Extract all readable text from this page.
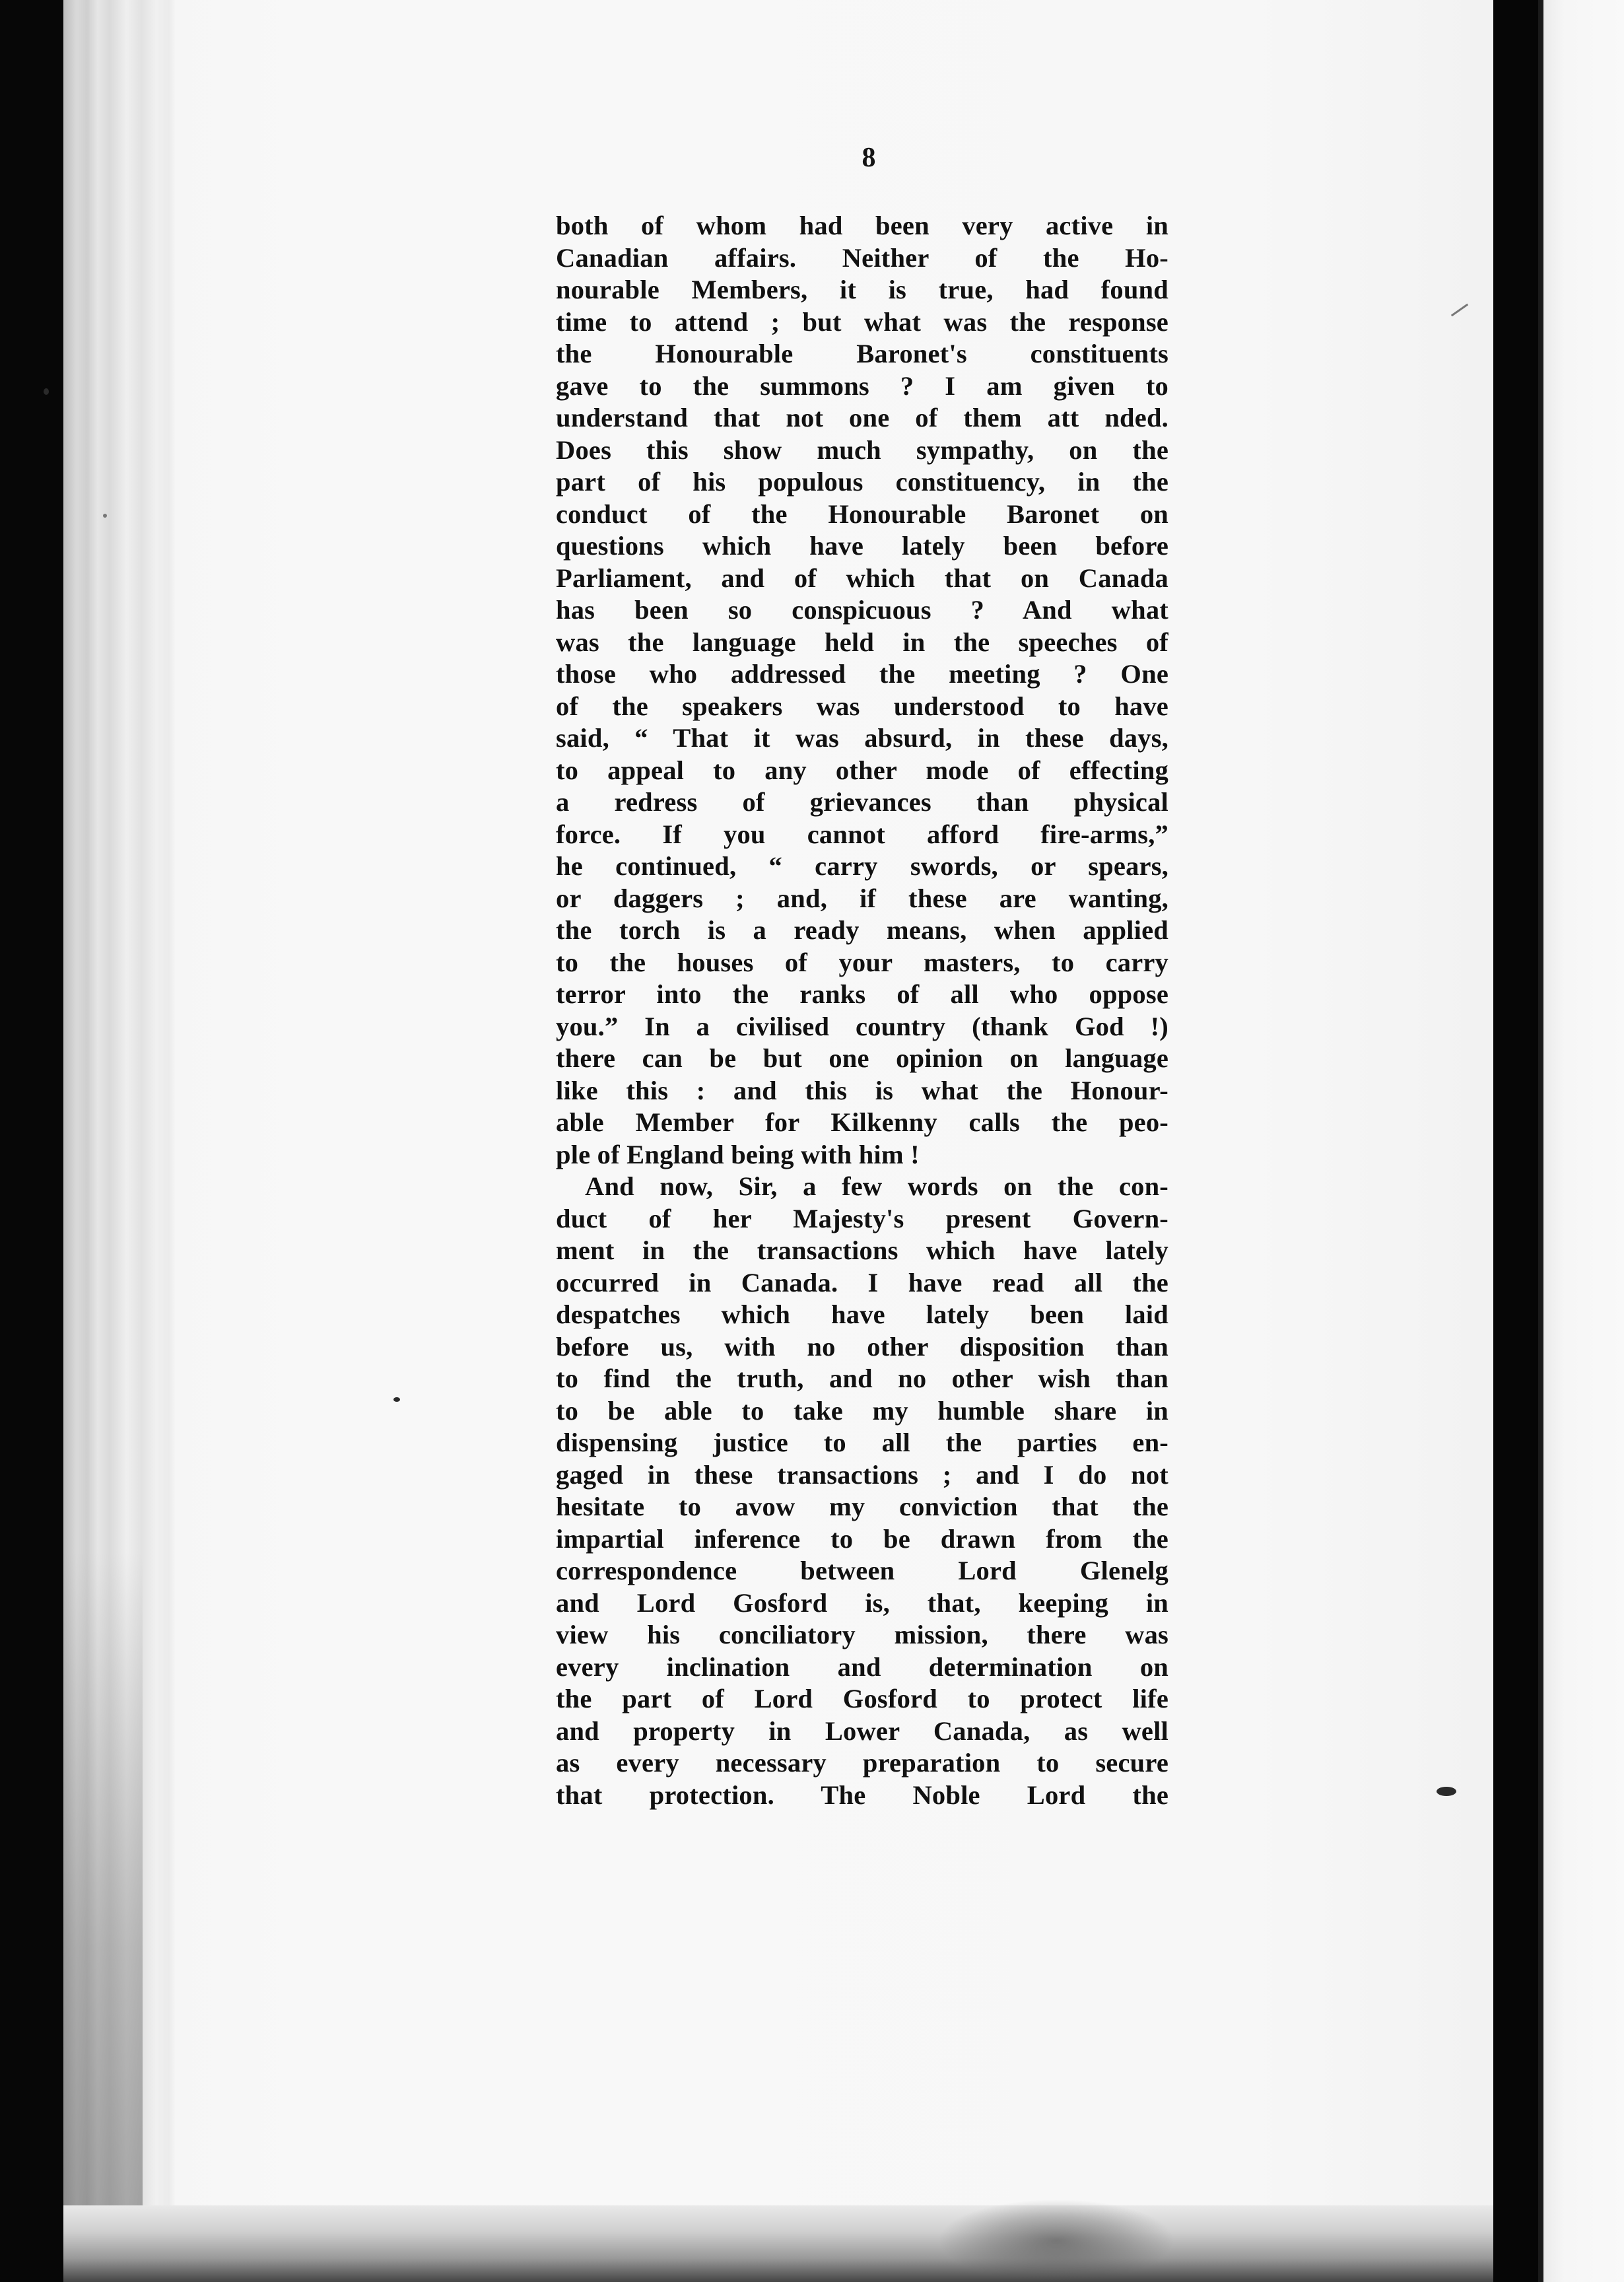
8
both of whom had been very active in
Canadian affairs. Neither of the Ho-
nourable Members, it is true, had found
time to attend ; but what was the response
the Honourable Baronet's constituents
gave to the summons ? I am given to
understand that not one of them att nded.
Does this show much sympathy, on the
part of his populous constituency, in the
conduct of the Honourable Baronet on
questions which have lately been before
Parliament, and of which that on Canada
has been so conspicuous ? And what
was the language held in the speeches of
those who addressed the meeting ? One
of the speakers was understood to have
said, “ That it was absurd, in these days,
to appeal to any other mode of effecting
a redress of grievances than physical
force. If you cannot afford fire-arms,”
he continued, “ carry swords, or spears,
or daggers ; and, if these are wanting,
the torch is a ready means, when applied
to the houses of your masters, to carry
terror into the ranks of all who oppose
you.” In a civilised country (thank God !)
there can be but one opinion on language
like this : and this is what the Honour-
able Member for Kilkenny calls the peo-
ple of England being with him !
And now, Sir, a few words on the con-
duct of her Majesty's present Govern-
ment in the transactions which have lately
occurred in Canada. I have read all the
despatches which have lately been laid
before us, with no other disposition than
to find the truth, and no other wish than
to be able to take my humble share in
dispensing justice to all the parties en-
gaged in these transactions ; and I do not
hesitate to avow my conviction that the
impartial inference to be drawn from the
correspondence between Lord Glenelg
and Lord Gosford is, that, keeping in
view his conciliatory mission, there was
every inclination and determination on
the part of Lord Gosford to protect life
and property in Lower Canada, as well
as every necessary preparation to secure
that protection. The Noble Lord the
